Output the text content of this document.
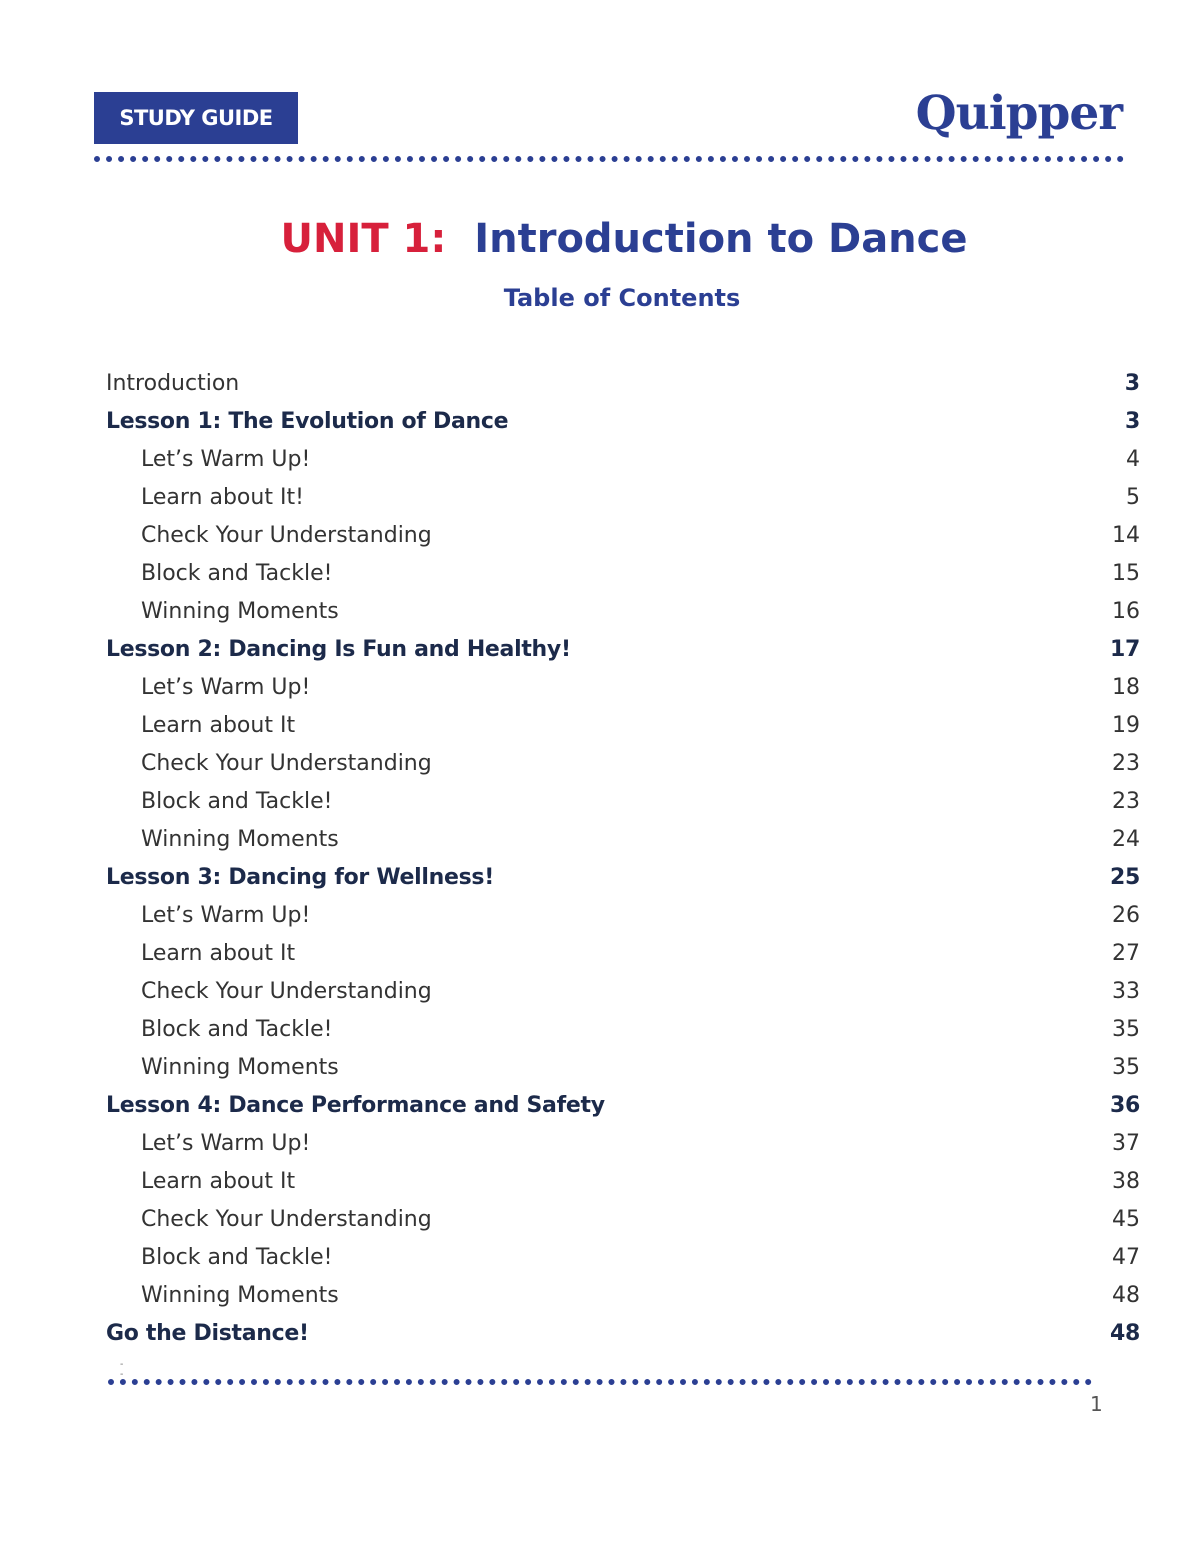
STUDY GUIDE	Quipper
UNIT 1: Introduction to Dance
Table of Contents
Introduction	3
Lesson 1: The Evolution of Dance	3
Let’s Warm Up!	4
Learn about It!	5
Check Your Understanding	14
Block and Tackle!	15
Winning Moments	16
Lesson 2: Dancing Is Fun and Healthy!	17
Let’s Warm Up!	18
Learn about It	19
Check Your Understanding	23
Block and Tackle!	23
Winning Moments	24
Lesson 3: Dancing for Wellness!	25
Let’s Warm Up!	26
Learn about It	27
Check Your Understanding	33
Block and Tackle!	35
Winning Moments	35
Lesson 4: Dance Performance and Safety	36
Let’s Warm Up!	37
Learn about It	38
Check Your Understanding	45
Block and Tackle!	47
Winning Moments	48
Go the Distance!	48
-
-
1
